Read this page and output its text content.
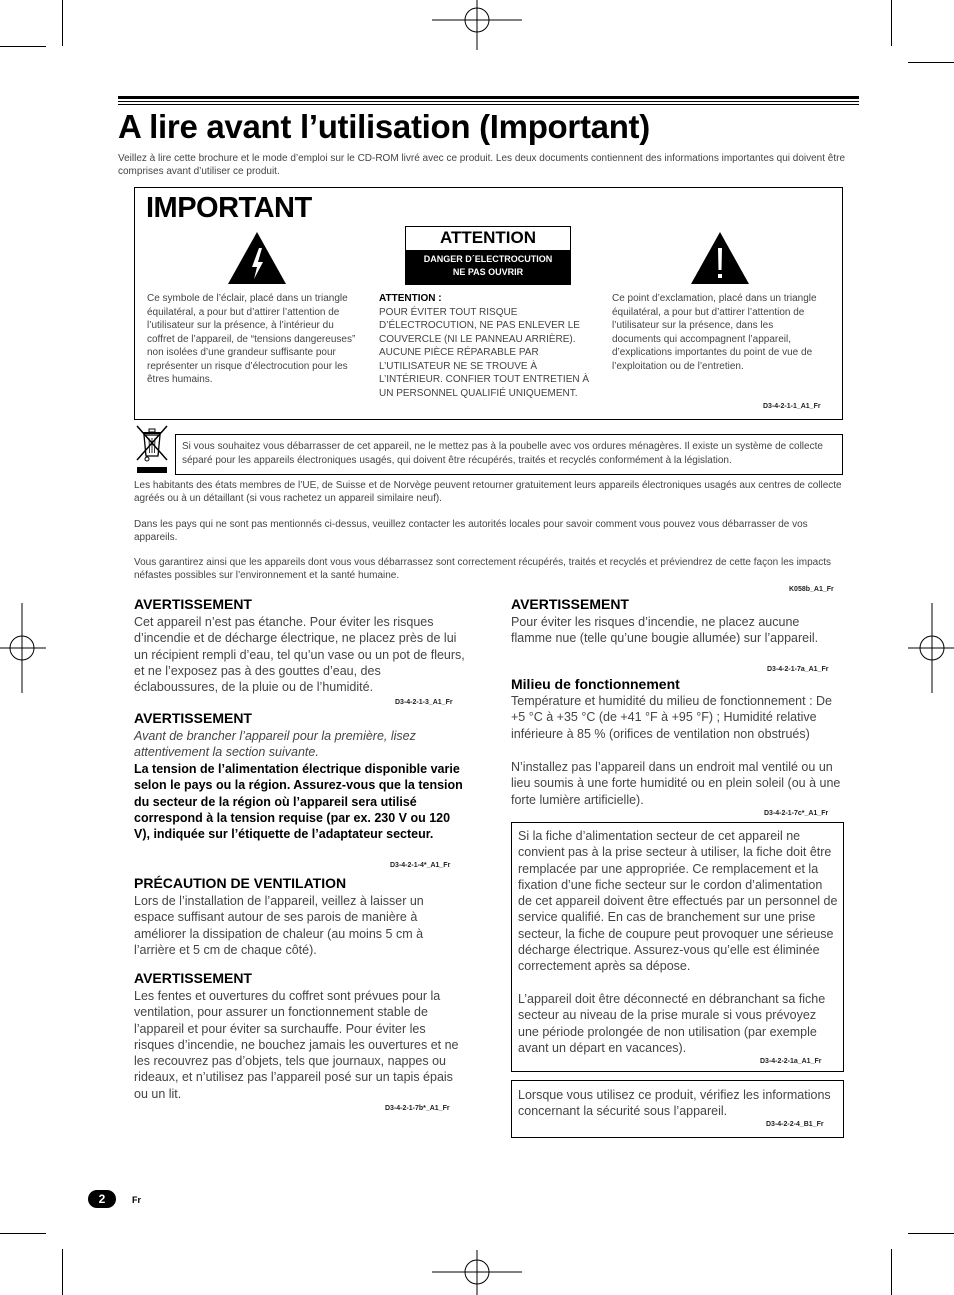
A lire avant l’utilisation (Important)
Veillez à lire cette brochure et le mode d’emploi sur le CD-ROM livré avec ce produit. Les deux documents contiennent des informations importantes qui doivent être comprises avant d’utiliser ce produit.
IMPORTANT
Ce symbole de l’éclair, placé dans un triangle équilatéral, a pour but d’attirer l’attention de l’utilisateur sur la présence, à l’intérieur du coffret de l’appareil, de “tensions dangereuses” non isolées d’une grandeur suffisante pour représenter un risque d’électrocution pour les êtres humains.
ATTENTION
DANGER D´ELECTROCUTION
NE PAS OUVRIR
ATTENTION :
POUR ÉVITER TOUT RISQUE D’ÉLECTROCUTION, NE PAS ENLEVER LE COUVERCLE (NI LE PANNEAU ARRIÈRE). AUCUNE PIÈCE RÉPARABLE PAR L’UTILISATEUR NE SE TROUVE À L’INTÉRIEUR. CONFIER TOUT ENTRETIEN À UN PERSONNEL QUALIFIÉ UNIQUEMENT.
Ce point d’exclamation, placé dans un triangle équilatéral, a pour but d’attirer l’attention de l’utilisateur sur la présence, dans les documents qui accompagnent l’appareil, d’explications importantes du point de vue de l’exploitation ou de l’entretien.
D3-4-2-1-1_A1_Fr
Si vous souhaitez vous débarrasser de cet appareil, ne le mettez pas à la poubelle avec vos ordures ménagères. Il existe un système de collecte séparé pour les appareils électroniques usagés, qui doivent être récupérés, traités et recyclés conformément à la législation.
Les habitants des états membres de l’UE, de Suisse et de Norvège peuvent retourner gratuitement leurs appareils électroniques usagés aux centres de collecte agréés ou à un détaillant (si vous rachetez un appareil similaire neuf).
Dans les pays qui ne sont pas mentionnés ci-dessus, veuillez contacter les autorités locales pour savoir comment vous pouvez vous débarrasser de vos appareils.
Vous garantirez ainsi que les appareils dont vous vous débarrassez sont correctement récupérés, traités et recyclés et préviendrez de cette façon les impacts néfastes possibles sur l’environnement et la santé humaine.
K058b_A1_Fr
AVERTISSEMENT
Cet appareil n’est pas étanche. Pour éviter les risques d’incendie et de décharge électrique, ne placez près de lui un récipient rempli d’eau, tel qu’un vase ou un pot de fleurs, et ne l’exposez pas à des gouttes d’eau, des éclaboussures, de la pluie ou de l’humidité.
D3-4-2-1-3_A1_Fr
AVERTISSEMENT
Avant de brancher l’appareil pour la première, lisez attentivement la section suivante.
La tension de l’alimentation électrique disponible varie selon le pays ou la région. Assurez-vous que la tension du secteur de la région où l’appareil sera utilisé correspond à la tension requise (par ex. 230 V ou 120 V), indiquée sur l’étiquette de l’adaptateur secteur.
D3-4-2-1-4*_A1_Fr
PRÉCAUTION DE VENTILATION
Lors de l’installation de l’appareil, veillez à laisser un espace suffisant autour de ses parois de manière à améliorer la dissipation de chaleur (au moins 5 cm à l’arrière et 5 cm de chaque côté).
AVERTISSEMENT
Les fentes et ouvertures du coffret sont prévues pour la ventilation, pour assurer un fonctionnement stable de l’appareil et pour éviter sa surchauffe. Pour éviter les risques d’incendie, ne bouchez jamais les ouvertures et ne les recouvrez pas d’objets, tels que journaux, nappes ou rideaux, et n’utilisez pas l’appareil posé sur un tapis épais ou un lit.
D3-4-2-1-7b*_A1_Fr
AVERTISSEMENT
Pour éviter les risques d’incendie, ne placez aucune flamme nue (telle qu’une bougie allumée) sur l’appareil.
D3-4-2-1-7a_A1_Fr
Milieu de fonctionnement
Température et humidité du milieu de fonctionnement : De +5 °C à +35 °C (de +41 °F à +95 °F) ; Humidité relative inférieure à 85 % (orifices de ventilation non obstrués)
N’installez pas l’appareil dans un endroit mal ventilé ou un lieu soumis à une forte humidité ou en plein soleil (ou à une forte lumière artificielle).
D3-4-2-1-7c*_A1_Fr
Si la fiche d’alimentation secteur de cet appareil ne convient pas à la prise secteur à utiliser, la fiche doit être remplacée par une appropriée. Ce remplacement et la fixation d’une fiche secteur sur le cordon d’alimentation de cet appareil doivent être effectués par un personnel de service qualifié. En cas de branchement sur une prise secteur, la fiche de coupure peut provoquer une sérieuse décharge électrique. Assurez-vous qu’elle est éliminée correctement après sa dépose.
L’appareil doit être déconnecté en débranchant sa fiche secteur au niveau de la prise murale si vous prévoyez une période prolongée de non utilisation (par exemple avant un départ en vacances).
D3-4-2-2-1a_A1_Fr
Lorsque vous utilisez ce produit, vérifiez les informations concernant la sécurité sous l’appareil.
D3-4-2-2-4_B1_Fr
2	Fr
